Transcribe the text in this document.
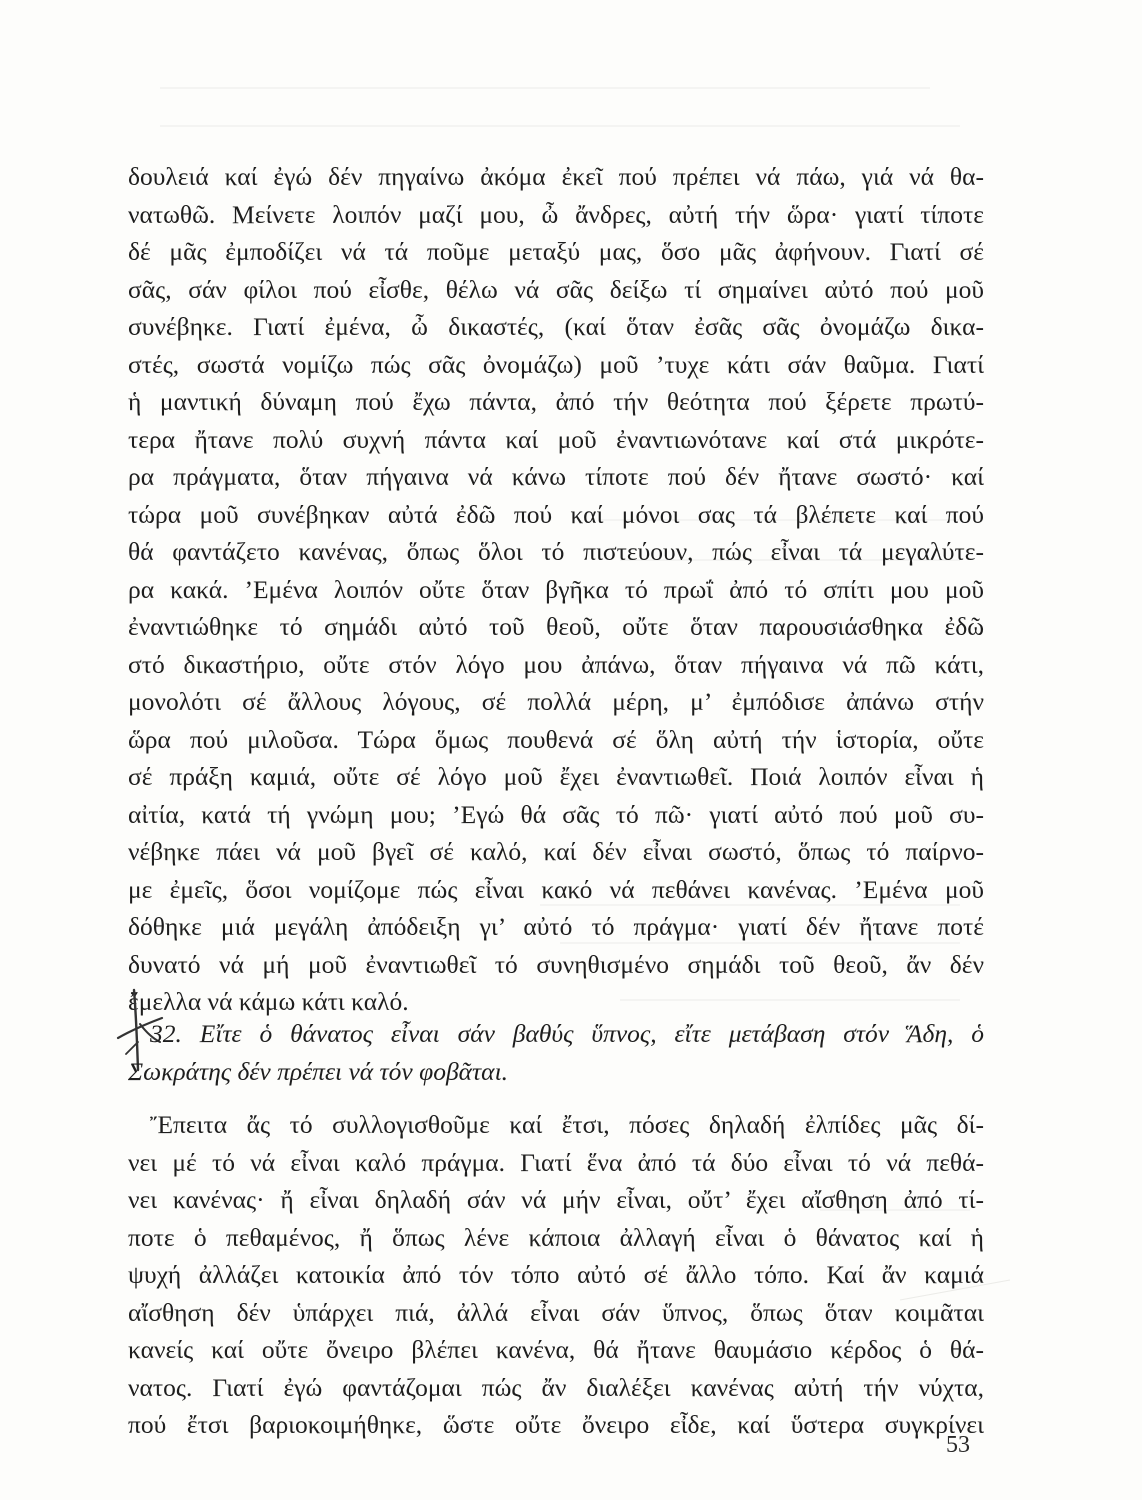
δουλειά καί ἐγώ δέν πηγαίνω ἀκόμα ἐκεῖ πού πρέπει νά πάω, γιά νά θα-
νατωθῶ. Μείνετε λοιπόν μαζί μου, ὦ ἄνδρες, αὐτή τήν ὥρα· γιατί τίποτε
δέ μᾶς ἐμποδίζει νά τά ποῦμε μεταξύ μας, ὅσο μᾶς ἀφήνουν. Γιατί σέ
σᾶς, σάν φίλοι πού εἶσθε, θέλω νά σᾶς δείξω τί σημαίνει αὐτό πού μοῦ
συνέβηκε. Γιατί ἐμένα, ὦ δικαστές, (καί ὅταν ἐσᾶς σᾶς ὀνομάζω δικα-
στές, σωστά νομίζω πώς σᾶς ὀνομάζω) μοῦ ’τυχε κάτι σάν θαῦμα. Γιατί
ἡ μαντική δύναμη πού ἔχω πάντα, ἀπό τήν θεότητα πού ξέρετε πρωτύ-
τερα ἤτανε πολύ συχνή πάντα καί μοῦ ἐναντιωνότανε καί στά μικρότε-
ρα πράγματα, ὅταν πήγαινα νά κάνω τίποτε πού δέν ἤτανε σωστό· καί
τώρα μοῦ συνέβηκαν αὐτά ἐδῶ πού καί μόνοι σας τά βλέπετε καί πού
θά φαντάζετο κανένας, ὅπως ὅλοι τό πιστεύουν, πώς εἶναι τά μεγαλύτε-
ρα κακά. ’Εμένα λοιπόν οὔτε ὅταν βγῆκα τό πρωΐ ἀπό τό σπίτι μου μοῦ
ἐναντιώθηκε τό σημάδι αὐτό τοῦ θεοῦ, οὔτε ὅταν παρουσιάσθηκα ἐδῶ
στό δικαστήριο, οὔτε στόν λόγο μου ἀπάνω, ὅταν πήγαινα νά πῶ κάτι,
μονολότι σέ ἄλλους λόγους, σέ πολλά μέρη, μ’ ἐμπόδισε ἀπάνω στήν
ὥρα πού μιλοῦσα. Τώρα ὅμως πουθενά σέ ὅλη αὐτή τήν ἱστορία, οὔτε
σέ πράξη καμιά, οὔτε σέ λόγο μοῦ ἔχει ἐναντιωθεῖ. Ποιά λοιπόν εἶναι ἡ
αἰτία, κατά τή γνώμη μου; ’Εγώ θά σᾶς τό πῶ· γιατί αὐτό πού μοῦ συ-
νέβηκε πάει νά μοῦ βγεῖ σέ καλό, καί δέν εἶναι σωστό, ὅπως τό παίρνο-
με ἐμεῖς, ὅσοι νομίζομε πώς εἶναι κακό νά πεθάνει κανένας. ’Εμένα μοῦ
δόθηκε μιά μεγάλη ἀπόδειξη γι’ αὐτό τό πράγμα· γιατί δέν ἤτανε ποτέ
δυνατό νά μή μοῦ ἐναντιωθεῖ τό συνηθισμένο σημάδι τοῦ θεοῦ, ἄν δέν
ἔμελλα νά κάμω κάτι καλό.
32. Εἴτε ὁ θάνατος εἶναι σάν βαθύς ὕπνος, εἴτε μετάβαση στόν Ἅδη, ὁ
Σωκράτης δέν πρέπει νά τόν φοβᾶται.
Ἔπειτα ἄς τό συλλογισθοῦμε καί ἔτσι, πόσες δηλαδή ἐλπίδες μᾶς δί-
νει μέ τό νά εἶναι καλό πράγμα. Γιατί ἕνα ἀπό τά δύο εἶναι τό νά πεθά-
νει κανένας· ἤ εἶναι δηλαδή σάν νά μήν εἶναι, οὔτ’ ἔχει αἴσθηση ἀπό τί-
ποτε ὁ πεθαμένος, ἤ ὅπως λένε κάποια ἀλλαγή εἶναι ὁ θάνατος καί ἡ
ψυχή ἀλλάζει κατοικία ἀπό τόν τόπο αὐτό σέ ἄλλο τόπο. Καί ἄν καμιά
αἴσθηση δέν ὑπάρχει πιά, ἀλλά εἶναι σάν ὕπνος, ὅπως ὅταν κοιμᾶται
κανείς καί οὔτε ὄνειρο βλέπει κανένα, θά ἤτανε θαυμάσιο κέρδος ὁ θά-
νατος. Γιατί ἐγώ φαντάζομαι πώς ἄν διαλέξει κανένας αὐτή τήν νύχτα,
πού ἔτσι βαριοκοιμήθηκε, ὥστε οὔτε ὄνειρο εἶδε, καί ὕστερα συγκρίνει
53
